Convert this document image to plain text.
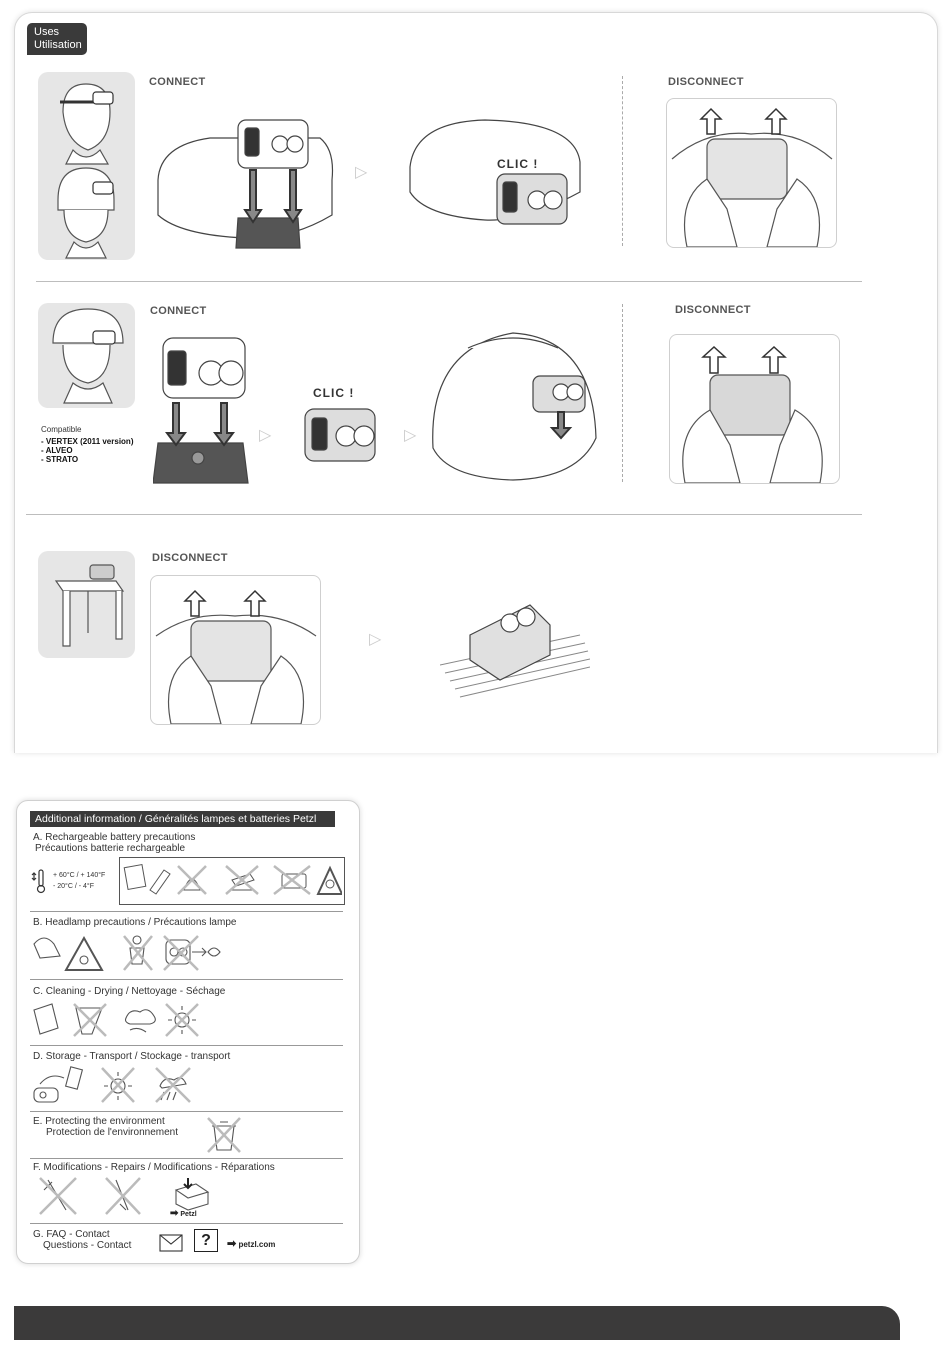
Uses
Utilisation
CONNECT
▷	CLIC !
DISCONNECT
Compatible
- VERTEX (2011 version)
- ALVEO
- STRATO
CONNECT
▷
CLIC !
▷
DISCONNECT
DISCONNECT
▷
Additional information / Généralités lampes et batteries Petzl
A. Rechargeable battery precautions
Précautions batterie rechargeable
+ 60°C / + 140°F
- 20°C / - 4°F
B. Headlamp precautions / Précautions lampe
C. Cleaning - Drying / Nettoyage - Séchage
D. Storage - Transport / Stockage - transport
E. Protecting the environment
Protection de l'environnement
F. Modifications - Repairs / Modifications - Réparations
➡ Petzl
G. FAQ - Contact
Questions - Contact	?	➡ petzl.com
